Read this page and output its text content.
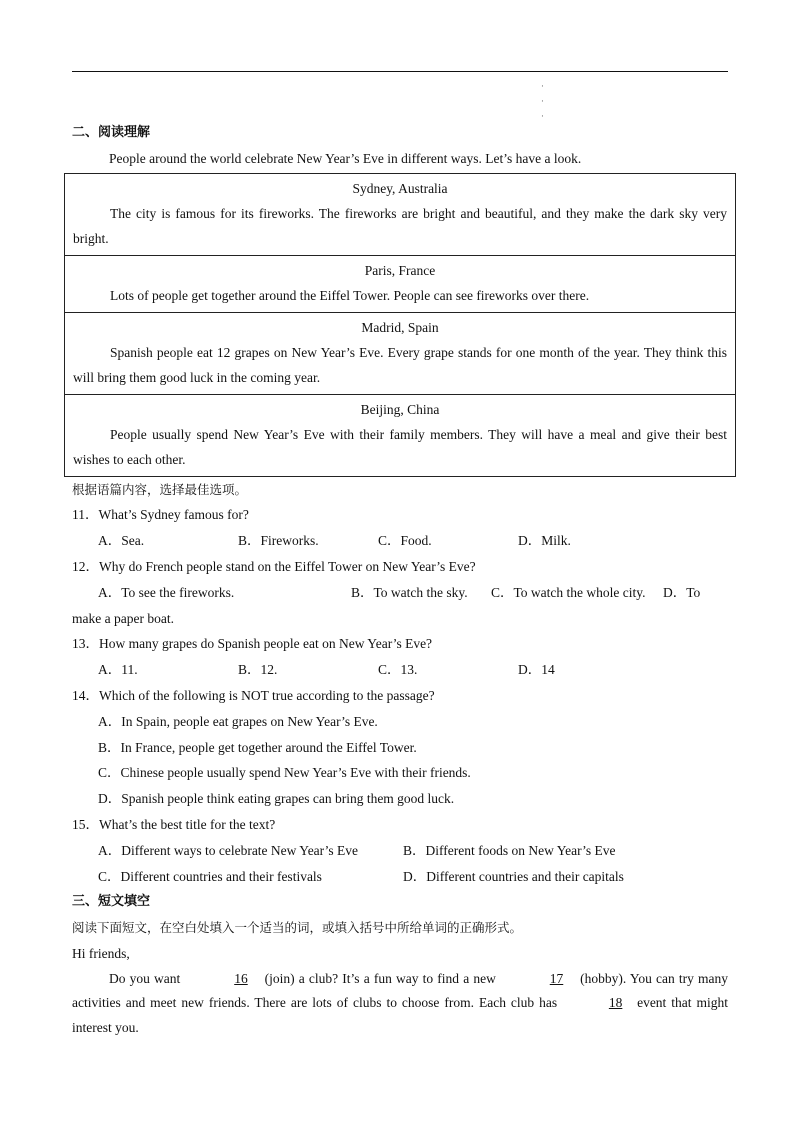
·
·
·
二、阅读理解
People around the world celebrate New Year’s Eve in different ways. Let’s have a look.
Sydney, Australia
The city is famous for its fireworks. The fireworks are bright and beautiful, and they make the dark sky very bright.
Paris, France
Lots of people get together around the Eiffel Tower. People can see fireworks over there.
Madrid, Spain
Spanish people eat 12 grapes on New Year’s Eve. Every grape stands for one month of the year. They think this will bring them good luck in the coming year.
Beijing, China
People usually spend New Year’s Eve with their family members. They will have a meal and give their best wishes to each other.
根据语篇内容，选择最佳选项。
11．What’s Sydney famous for?
A．Sea.	B．Fireworks.	C．Food.	D．Milk.
12．Why do French people stand on the Eiffel Tower on New Year’s Eve?
A．To see the fireworks.	B．To watch the sky.	C．To watch the whole city.	D．To
make a paper boat.
13．How many grapes do Spanish people eat on New Year’s Eve?
A．11.	B．12.	C．13.	D．14
14．Which of the following is NOT true according to the passage?
A．In Spain, people eat grapes on New Year’s Eve.
B．In France, people get together around the Eiffel Tower.
C．Chinese people usually spend New Year’s Eve with their friends.
D．Spanish people think eating grapes can bring them good luck.
15．What’s the best title for the text?
A．Different ways to celebrate New Year’s Eve	B．Different foods on New Year’s Eve
C．Different countries and their festivals	D．Different countries and their capitals
三、短文填空
阅读下面短文，在空白处填入一个适当的词，或填入括号中所给单词的正确形式。
Hi friends,
Do you want	16 (join) a club? It’s a fun way to find a new	17 (hobby). You can try many activities and meet new friends. There are lots of clubs to choose from. Each club has	18 event that might interest you.
